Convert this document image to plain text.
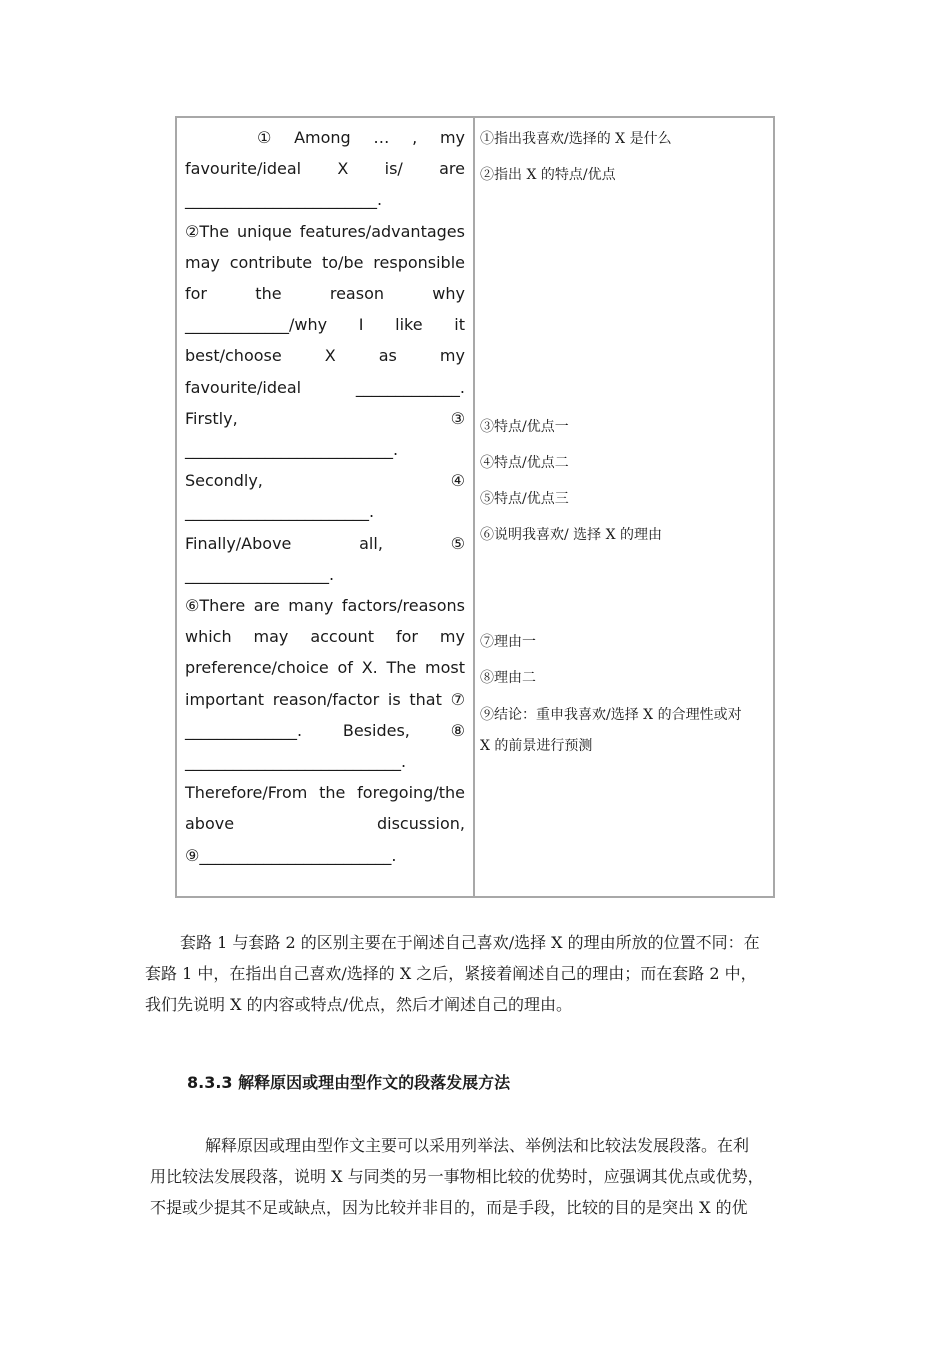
① Among … , my
favourite/ideal X is/ are
________________________.
②The unique features/advantages
may contribute to/be responsible
for	the	reason	why
_____________/why I like it
best/choose	X	as	my
favourite/ideal	_____________.
Firstly,	③
__________________________.
Secondly,	④
_______________________.
Finally/Above	all,	⑤
__________________.
⑥There are many factors/reasons
which may account for my
preference/choice of X. The most
important reason/factor is that ⑦
______________.	Besides,	⑧
___________________________.
Therefore/From the foregoing/the
above	discussion,
⑨________________________.
①指出我喜欢/选择的 X 是什么
②指出 X 的特点/优点
③特点/优点一
④特点/优点二
⑤特点/优点三
⑥说明我喜欢/ 选择 X 的理由
⑦理由一
⑧理由二
⑨结论：重申我喜欢/选择 X 的合理性或对
X 的前景进行预测
套路 1 与套路 2 的区别主要在于阐述自己喜欢/选择 X 的理由所放的位置不同：在
套路 1 中，在指出自己喜欢/选择的 X 之后，紧接着阐述自己的理由；而在套路 2 中，
我们先说明 X 的内容或特点/优点，然后才阐述自己的理由。
8.3.3 解释原因或理由型作文的段落发展方法
解释原因或理由型作文主要可以采用列举法、举例法和比较法发展段落。在利
用比较法发展段落，说明 X 与同类的另一事物相比较的优势时，应强调其优点或优势，
不提或少提其不足或缺点，因为比较并非目的，而是手段，比较的目的是突出 X 的优
